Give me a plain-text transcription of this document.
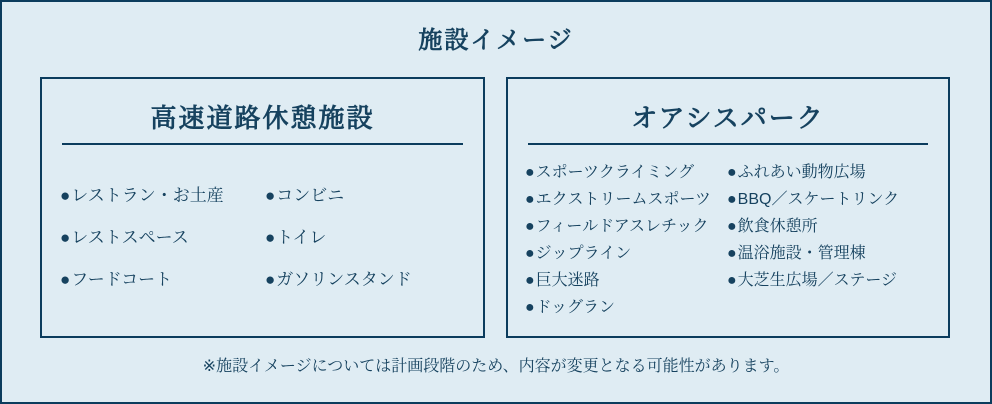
施設イメージ
高速道路休憩施設
●レストラン・お土産
●レストスペース
●フードコート
●コンビニ
●トイレ
●ガソリンスタンド
オアシスパーク
●スポーツクライミング
●エクストリームスポーツ
●フィールドアスレチック
●ジップライン
●巨大迷路
●ドッグラン
●ふれあい動物広場
●BBQ／スケートリンク
●飲食休憩所
●温浴施設・管理棟
●大芝生広場／ステージ

※施設イメージについては計画段階のため、内容が変更となる可能性があります。
